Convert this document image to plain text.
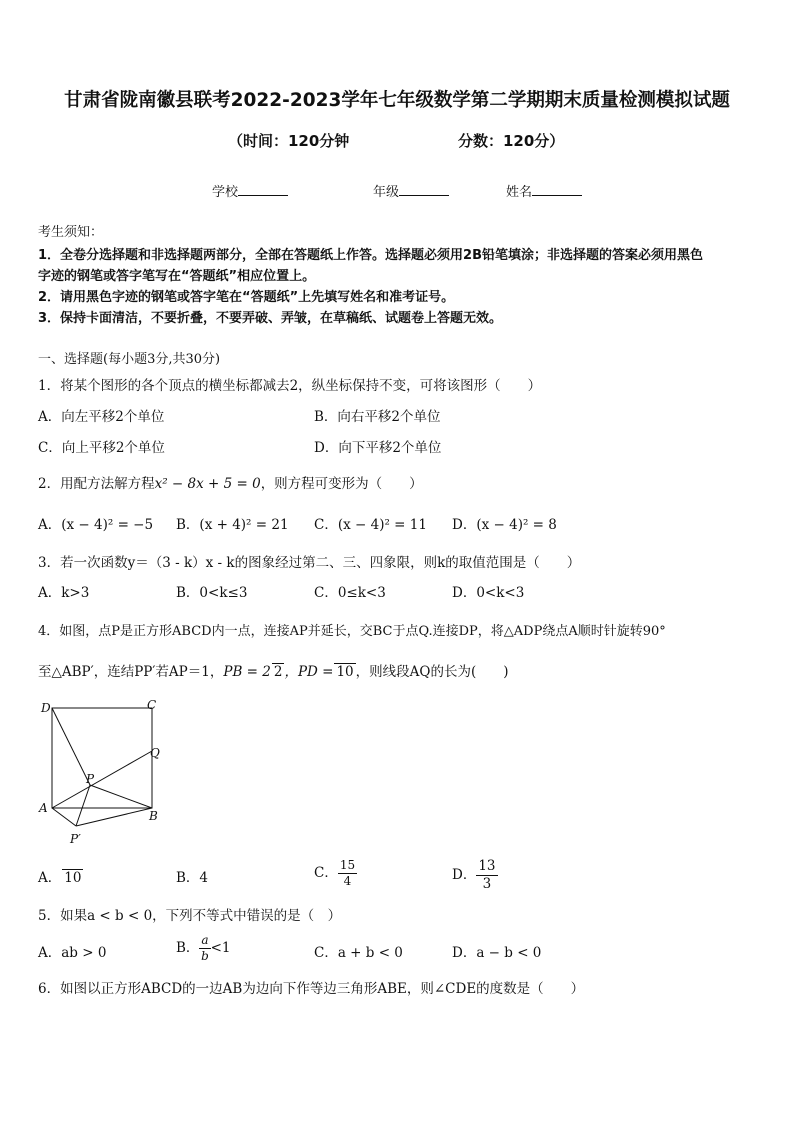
甘肃省陇南徽县联考2022-2023学年七年级数学第二学期期末质量检测模拟试题
（时间：120分钟	分数：120分）
学校	年级	姓名
考生须知：
1．全卷分选择题和非选择题两部分，全部在答题纸上作答。选择题必须用2B铅笔填涂；非选择题的答案必须用黑色
字迹的钢笔或答字笔写在“答题纸”相应位置上。
2．请用黑色字迹的钢笔或答字笔在“答题纸”上先填写姓名和准考证号。
3．保持卡面清洁，不要折叠，不要弄破、弄皱，在草稿纸、试题卷上答题无效。
一、选择题(每小题3分,共30分)
1．将某个图形的各个顶点的横坐标都减去2，纵坐标保持不变，可将该图形（　　）
A．向左平移2个单位	B．向右平移2个单位
C．向上平移2个单位	D．向下平移2个单位
2．用配方法解方程x² − 8x + 5 = 0，则方程可变形为（　　）
A．(x − 4)² = −5 B．(x + 4)² = 21 C．(x − 4)² = 11 D．(x − 4)² = 8
3．若一次函数y＝（3 - k）x - k的图象经过第二、三、四象限，则k的取值范围是（　　）
A．k>3	B．0<k≤3	C．0≤k<3	D．0<k<3
4．如图，点P是正方形ABCD内一点，连接AP并延长，交BC于点Q.连接DP，将△ADP绕点A顺时针旋转90°
至△ABP′，连结PP′若AP＝1，PB = 2 2 ，PD = 10 ，则线段AQ的长为(　　)
D	C
Q
P
A
B
P′
A． 10	B．4	C． $\frac{15}{4}$	D． $\frac{13}{3}$
5．如果a < b < 0，下列不等式中错误的是（　）
A．ab > 0	B． $\frac{a}{b} <1$	C．a + b < 0	D．a − b < 0
6．如图以正方形ABCD的一边AB为边向下作等边三角形ABE，则∠CDE的度数是（　　）
